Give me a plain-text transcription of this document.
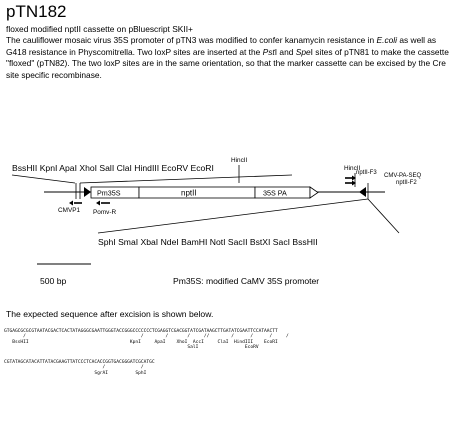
pTN182

floxed modified nptII cassette on pBluescript SKII+

The cauliflower mosaic virus 35S promoter of pTN3 was modified to confer kanamycin resistance in E.coli as well as G418 resistance in Physcomitrella. Two loxP sites are inserted at the PstI and SpeI sites of pTN81 to make the cassette "floxed" (pTN82). The two loxP sites are in the same orientation, so that the marker cassette can be excised by the Cre site specific recombinase.

BssHII KpnI ApaI XhoI SalI ClaI HindIII EcoRV EcoRI
HincII
Pm35S	nptII	35S PA
HincII
CMVP1 Pomv-R
nptII-F3 CMV-PA-SEQ
nptII-F2
SphI SmaI XbaI NdeI BamHI NotI SacII BstXI SacI BssHII
500 bp	Pm35S: modified CaMV 35S promoter
The expected sequence after excision is shown below.

GTGAGCGCGCGTAATACGACTCACTATAGGGCGAATTGGGTACCGGGCCCCCCCTCGAGGTCGACGGTATCGATAAGCTTGATATCGAATTCCATAACTT
/                                          /        /       /     //        /      /      /     /
BssHII                                     KpnI     ApaI    XhoI  AccI     ClaI  HindIII    EcoRI
SalI                 EcoRV

CGTATAGCATACATTATACGAAGTTATCCCTCACACCGGTGACGGGATCGCATGC
/             /
SgrAI          SphI
